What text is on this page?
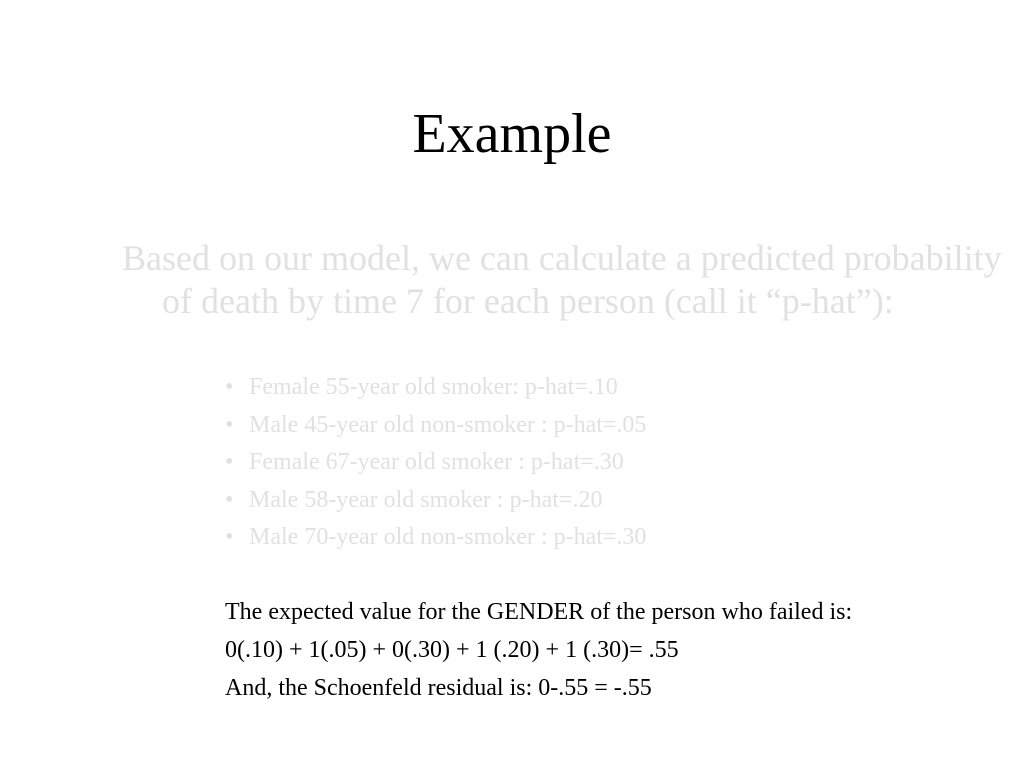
Example
Based on our model, we can calculate a predicted probability of death by time 7 for each person (call it “p-hat”):
• Female 55-year old smoker: p-hat=.10
• Male 45-year old non-smoker : p-hat=.05
• Female 67-year old smoker : p-hat=.30
• Male 58-year old smoker : p-hat=.20
• Male 70-year old non-smoker : p-hat=.30
The expected value for the GENDER of the person who failed is:
0(.10) + 1(.05) + 0(.30) + 1 (.20) + 1 (.30)= .55
And, the Schoenfeld residual is: 0-.55 = -.55
